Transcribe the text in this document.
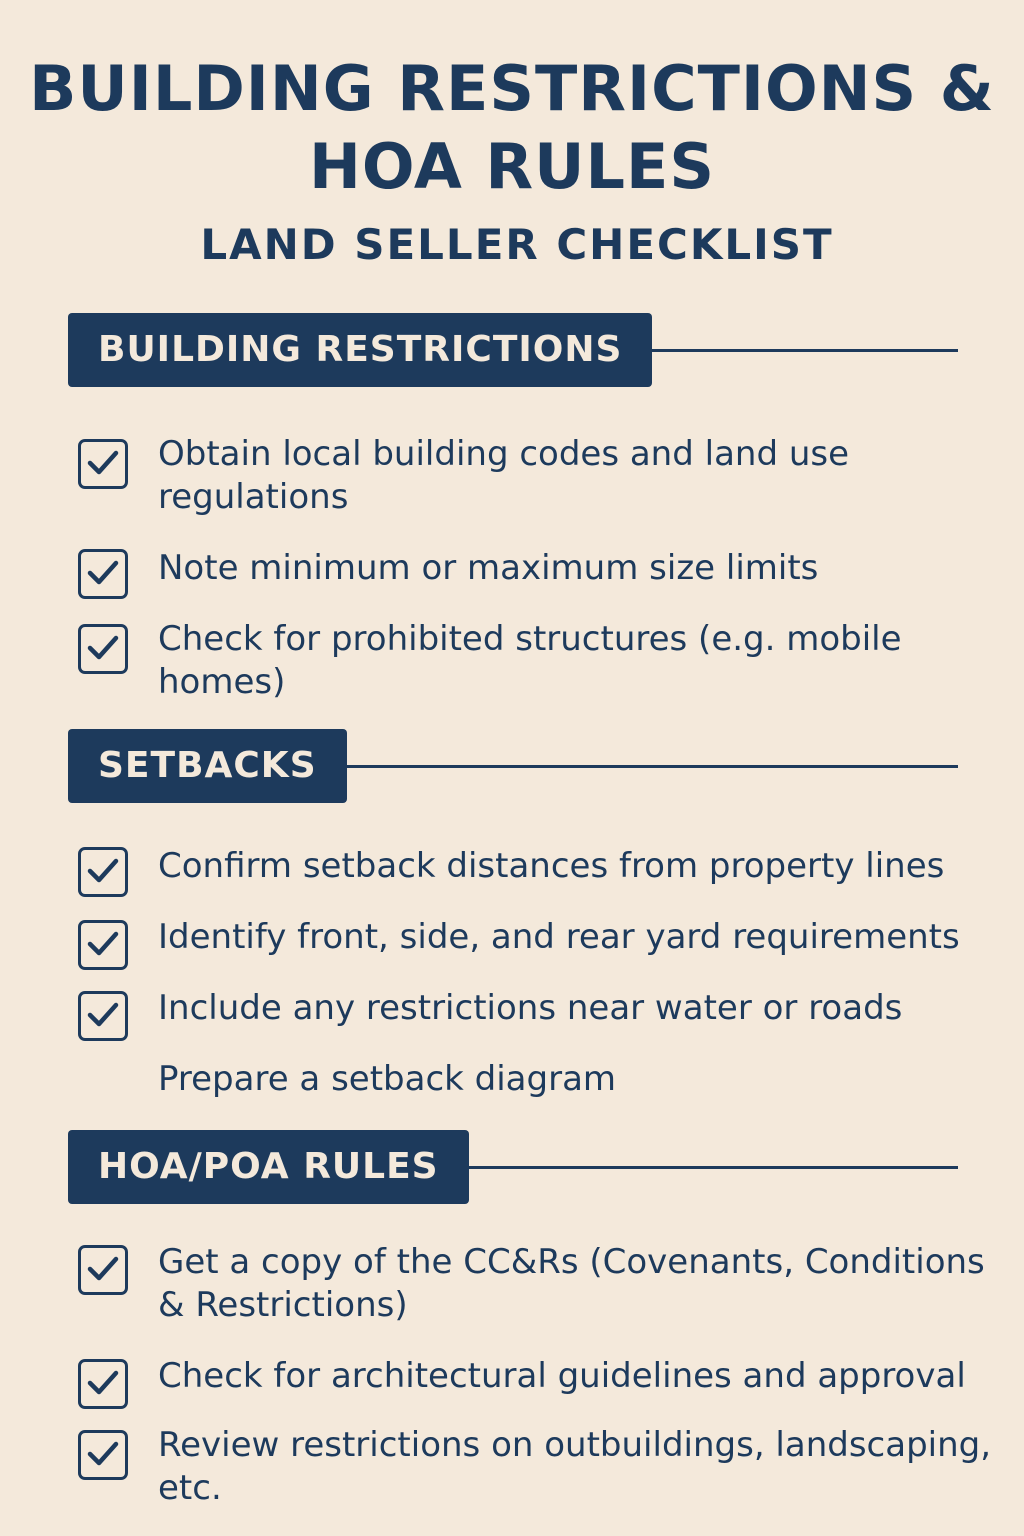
BUILDING RESTRICTIONS &
HOA RULES
LAND SELLER CHECKLIST
BUILDING RESTRICTIONS
Obtain local building codes and land use regulations
Note minimum or maximum size limits
Check for prohibited structures (e.g. mobile homes)
SETBACKS
Confirm setback distances from property lines
Identify front, side, and rear yard requirements
Include any restrictions near water or roads
Prepare a setback diagram
HOA/POA RULES
Get a copy of the CC&Rs (Covenants, Conditions & Restrictions)
Check for architectural guidelines and approval
Review restrictions on outbuildings, landscaping, etc.
